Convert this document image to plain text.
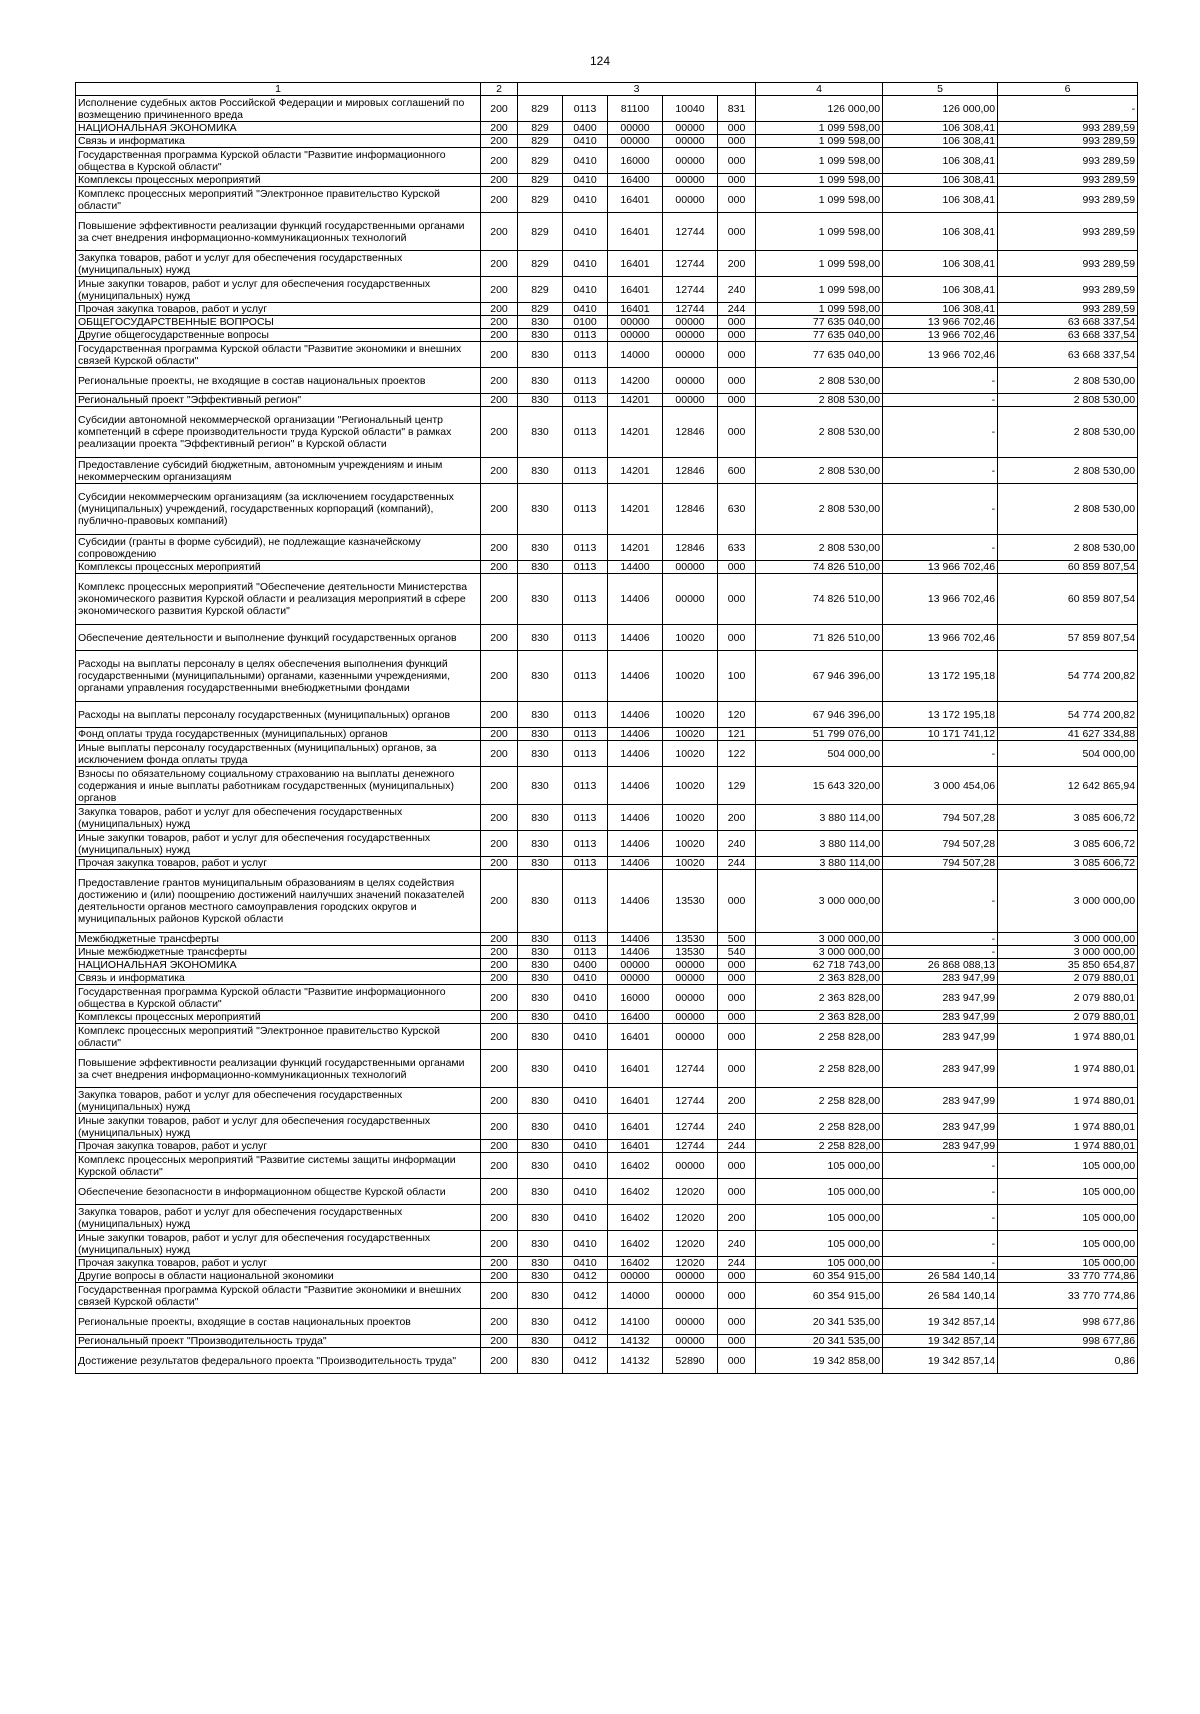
124
1	2	3					4	5	6
Исполнение судебных актов Российской Федерации и мировых соглашений по возмещению причиненного вреда	200	829	0113	81100	10040	831	126 000,00	126 000,00	-
НАЦИОНАЛЬНАЯ ЭКОНОМИКА	200	829	0400	00000	00000	000	1 099 598,00	106 308,41	993 289,59
Связь и информатика	200	829	0410	00000	00000	000	1 099 598,00	106 308,41	993 289,59
Государственная программа Курской области "Развитие информационного общества в Курской области"	200	829	0410	16000	00000	000	1 099 598,00	106 308,41	993 289,59
Комплексы процессных мероприятий	200	829	0410	16400	00000	000	1 099 598,00	106 308,41	993 289,59
Комплекс процессных мероприятий "Электронное правительство Курской области"	200	829	0410	16401	00000	000	1 099 598,00	106 308,41	993 289,59
Повышение эффективности реализации функций государственными органами за счет внедрения информационно-коммуникационных технологий	200	829	0410	16401	12744	000	1 099 598,00	106 308,41	993 289,59
Закупка товаров, работ и услуг для обеспечения государственных (муниципальных) нужд	200	829	0410	16401	12744	200	1 099 598,00	106 308,41	993 289,59
Иные закупки товаров, работ и услуг для обеспечения государственных (муниципальных) нужд	200	829	0410	16401	12744	240	1 099 598,00	106 308,41	993 289,59
Прочая закупка товаров, работ и услуг	200	829	0410	16401	12744	244	1 099 598,00	106 308,41	993 289,59
ОБЩЕГОСУДАРСТВЕННЫЕ ВОПРОСЫ	200	830	0100	00000	00000	000	77 635 040,00	13 966 702,46	63 668 337,54
Другие общегосударственные вопросы	200	830	0113	00000	00000	000	77 635 040,00	13 966 702,46	63 668 337,54
Государственная программа Курской области "Развитие экономики и внешних связей Курской области"	200	830	0113	14000	00000	000	77 635 040,00	13 966 702,46	63 668 337,54
Региональные проекты, не входящие в состав национальных проектов	200	830	0113	14200	00000	000	2 808 530,00	-	2 808 530,00
Региональный проект "Эффективный регион"	200	830	0113	14201	00000	000	2 808 530,00	-	2 808 530,00
Субсидии автономной некоммерческой организации "Региональный центр компетенций в сфере производительности труда Курской области" в рамках реализации проекта "Эффективный регион" в Курской области	200	830	0113	14201	12846	000	2 808 530,00	-	2 808 530,00
Предоставление субсидий бюджетным, автономным учреждениям и иным некоммерческим организациям	200	830	0113	14201	12846	600	2 808 530,00	-	2 808 530,00
Субсидии некоммерческим организациям (за исключением государственных (муниципальных) учреждений, государственных корпораций (компаний), публично-правовых компаний)	200	830	0113	14201	12846	630	2 808 530,00	-	2 808 530,00
Субсидии (гранты в форме субсидий), не подлежащие казначейскому сопровождению	200	830	0113	14201	12846	633	2 808 530,00	-	2 808 530,00
Комплексы процессных мероприятий	200	830	0113	14400	00000	000	74 826 510,00	13 966 702,46	60 859 807,54
Комплекс процессных мероприятий "Обеспечение деятельности Министерства экономического развития Курской области и реализация мероприятий в сфере экономического развития Курской области"	200	830	0113	14406	00000	000	74 826 510,00	13 966 702,46	60 859 807,54
Обеспечение деятельности и выполнение функций государственных органов	200	830	0113	14406	10020	000	71 826 510,00	13 966 702,46	57 859 807,54
Расходы на выплаты персоналу в целях обеспечения выполнения функций государственными (муниципальными) органами, казенными учреждениями, органами управления государственными внебюджетными фондами	200	830	0113	14406	10020	100	67 946 396,00	13 172 195,18	54 774 200,82
Расходы на выплаты персоналу государственных (муниципальных) органов	200	830	0113	14406	10020	120	67 946 396,00	13 172 195,18	54 774 200,82
Фонд оплаты труда государственных (муниципальных) органов	200	830	0113	14406	10020	121	51 799 076,00	10 171 741,12	41 627 334,88
Иные выплаты персоналу государственных (муниципальных) органов, за исключением фонда оплаты труда	200	830	0113	14406	10020	122	504 000,00	-	504 000,00
Взносы по обязательному социальному страхованию на выплаты денежного содержания и иные выплаты работникам государственных (муниципальных) органов	200	830	0113	14406	10020	129	15 643 320,00	3 000 454,06	12 642 865,94
Закупка товаров, работ и услуг для обеспечения государственных (муниципальных) нужд	200	830	0113	14406	10020	200	3 880 114,00	794 507,28	3 085 606,72
Иные закупки товаров, работ и услуг для обеспечения государственных (муниципальных) нужд	200	830	0113	14406	10020	240	3 880 114,00	794 507,28	3 085 606,72
Прочая закупка товаров, работ и услуг	200	830	0113	14406	10020	244	3 880 114,00	794 507,28	3 085 606,72
Предоставление грантов муниципальным образованиям в целях содействия достижению и (или) поощрению достижений наилучших значений показателей деятельности органов местного самоуправления городских округов и муниципальных районов Курской области	200	830	0113	14406	13530	000	3 000 000,00	-	3 000 000,00
Межбюджетные трансферты	200	830	0113	14406	13530	500	3 000 000,00	-	3 000 000,00
Иные межбюджетные трансферты	200	830	0113	14406	13530	540	3 000 000,00	-	3 000 000,00
НАЦИОНАЛЬНАЯ ЭКОНОМИКА	200	830	0400	00000	00000	000	62 718 743,00	26 868 088,13	35 850 654,87
Связь и информатика	200	830	0410	00000	00000	000	2 363 828,00	283 947,99	2 079 880,01
Государственная программа Курской области "Развитие информационного общества в Курской области"	200	830	0410	16000	00000	000	2 363 828,00	283 947,99	2 079 880,01
Комплексы процессных мероприятий	200	830	0410	16400	00000	000	2 363 828,00	283 947,99	2 079 880,01
Комплекс процессных мероприятий "Электронное правительство Курской области"	200	830	0410	16401	00000	000	2 258 828,00	283 947,99	1 974 880,01
Повышение эффективности реализации функций государственными органами за счет внедрения информационно-коммуникационных технологий	200	830	0410	16401	12744	000	2 258 828,00	283 947,99	1 974 880,01
Закупка товаров, работ и услуг для обеспечения государственных (муниципальных) нужд	200	830	0410	16401	12744	200	2 258 828,00	283 947,99	1 974 880,01
Иные закупки товаров, работ и услуг для обеспечения государственных (муниципальных) нужд	200	830	0410	16401	12744	240	2 258 828,00	283 947,99	1 974 880,01
Прочая закупка товаров, работ и услуг	200	830	0410	16401	12744	244	2 258 828,00	283 947,99	1 974 880,01
Комплекс процессных мероприятий "Развитие системы защиты информации Курской области"	200	830	0410	16402	00000	000	105 000,00	-	105 000,00
Обеспечение безопасности в информационном обществе Курской области	200	830	0410	16402	12020	000	105 000,00	-	105 000,00
Закупка товаров, работ и услуг для обеспечения государственных (муниципальных) нужд	200	830	0410	16402	12020	200	105 000,00	-	105 000,00
Иные закупки товаров, работ и услуг для обеспечения государственных (муниципальных) нужд	200	830	0410	16402	12020	240	105 000,00	-	105 000,00
Прочая закупка товаров, работ и услуг	200	830	0410	16402	12020	244	105 000,00	-	105 000,00
Другие вопросы в области национальной экономики	200	830	0412	00000	00000	000	60 354 915,00	26 584 140,14	33 770 774,86
Государственная программа Курской области "Развитие экономики и внешних связей Курской области"	200	830	0412	14000	00000	000	60 354 915,00	26 584 140,14	33 770 774,86
Региональные проекты, входящие в состав национальных проектов	200	830	0412	14100	00000	000	20 341 535,00	19 342 857,14	998 677,86
Региональный проект "Производительность труда"	200	830	0412	14132	00000	000	20 341 535,00	19 342 857,14	998 677,86
Достижение результатов федерального проекта "Производительность труда"	200	830	0412	14132	52890	000	19 342 858,00	19 342 857,14	0,86
